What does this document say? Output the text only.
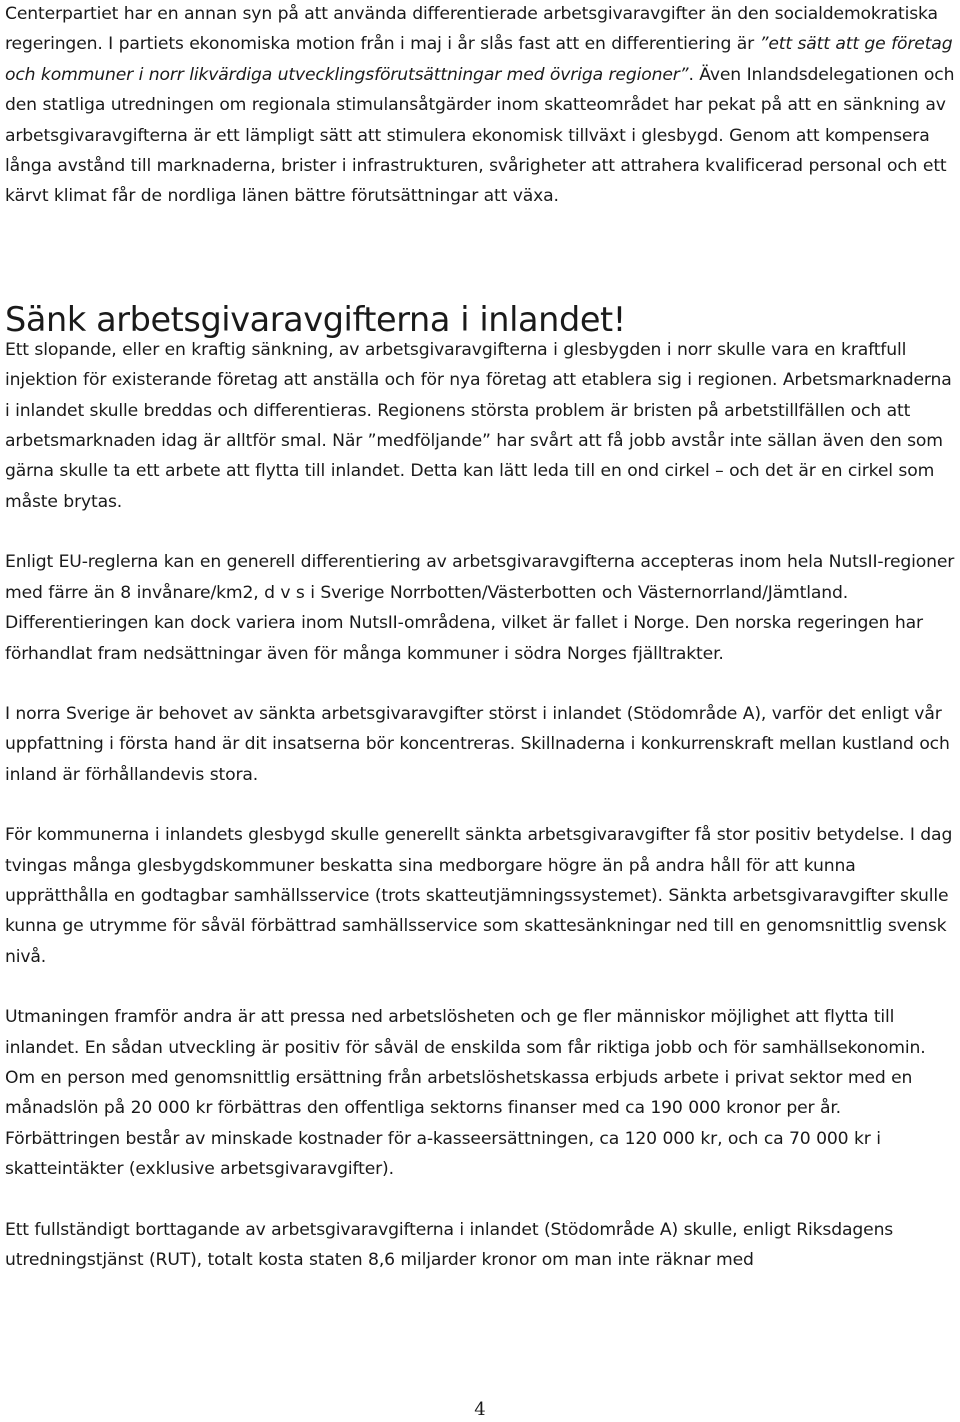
Centerpartiet har en annan syn på att använda differentierade arbetsgivaravgifter än den socialdemokratiska regeringen. I partiets ekonomiska motion från i maj i år slås fast att en differentiering är ”ett sätt att ge företag och kommuner i norr likvärdiga utvecklingsförutsättningar med övriga regioner”. Även Inlandsdelegationen och den statliga utredningen om regionala stimulansåtgärder inom skatteområdet har pekat på att en sänkning av arbetsgivaravgifterna är ett lämpligt sätt att stimulera ekonomisk tillväxt i glesbygd. Genom att kompensera långa avstånd till marknaderna, brister i infrastrukturen, svårigheter att attrahera kvalificerad personal och ett kärvt klimat får de nordliga länen bättre förutsättningar att växa.

Sänk arbetsgivaravgifterna i inlandet!

Ett slopande, eller en kraftig sänkning, av arbetsgivaravgifterna i glesbygden i norr skulle vara en kraftfull injektion för existerande företag att anställa och för nya företag att etablera sig i regionen. Arbetsmarknaderna i inlandet skulle breddas och differentieras. Regionens största problem är bristen på arbetstillfällen och att arbetsmarknaden idag är alltför smal. När ”medföljande” har svårt att få jobb avstår inte sällan även den som gärna skulle ta ett arbete att flytta till inlandet. Detta kan lätt leda till en ond cirkel – och det är en cirkel som måste brytas.

Enligt EU-reglerna kan en generell differentiering av arbetsgivaravgifterna accepteras inom hela NutsII-regioner med färre än 8 invånare/km2, d v s i Sverige Norrbotten/Västerbotten och Västernorrland/Jämtland. Differentieringen kan dock variera inom NutsII-områdena, vilket är fallet i Norge. Den norska regeringen har förhandlat fram nedsättningar även för många kommuner i södra Norges fjälltrakter.

I norra Sverige är behovet av sänkta arbetsgivaravgifter störst i inlandet (Stödområde A), varför det enligt vår uppfattning i första hand är dit insatserna bör koncentreras. Skillnaderna i konkurrenskraft mellan kustland och inland är förhållandevis stora.

För kommunerna i inlandets glesbygd skulle generellt sänkta arbetsgivaravgifter få stor positiv betydelse. I dag tvingas många glesbygdskommuner beskatta sina medborgare högre än på andra håll för att kunna upprätthålla en godtagbar samhällsservice (trots skatteutjämningssystemet). Sänkta arbetsgivaravgifter skulle kunna ge utrymme för såväl förbättrad samhällsservice som skattesänkningar ned till en genomsnittlig svensk nivå.

Utmaningen framför andra är att pressa ned arbetslösheten och ge fler människor möjlighet att flytta till inlandet. En sådan utveckling är positiv för såväl de enskilda som får riktiga jobb och för samhällsekonomin. Om en person med genomsnittlig ersättning från arbetslöshetskassa erbjuds arbete i privat sektor med en månadslön på 20 000 kr förbättras den offentliga sektorns finanser med ca 190 000 kronor per år. Förbättringen består av minskade kostnader för a-kasseersättningen, ca 120 000 kr, och ca 70 000 kr i skatteintäkter (exklusive arbetsgivaravgifter).

Ett fullständigt borttagande av arbetsgivaravgifterna i inlandet (Stödområde A) skulle, enligt Riksdagens utredningstjänst (RUT), totalt kosta staten 8,6 miljarder kronor om man inte räknar med

4
